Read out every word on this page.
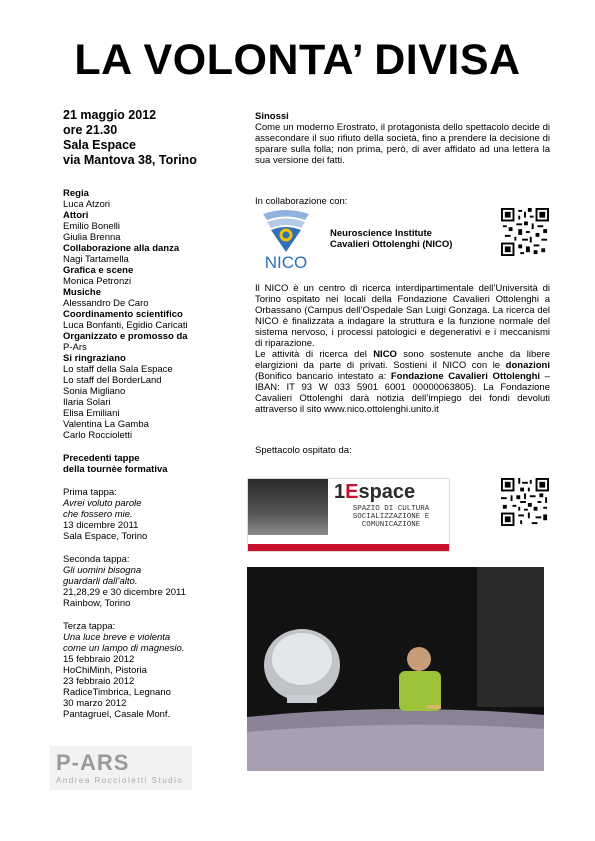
LA VOLONTA’ DIVISA
21 maggio 2012
ore 21.30
Sala Espace
via Mantova 38, Torino
Regia
Luca Atzori
Attori
Emilio Bonelli
Giulia Brenna
Collaborazione alla danza
Nagi Tartamella
Grafica e scene
Monica Petronzi
Musiche
Alessandro De Caro
Coordinamento scientifico
Luca Bonfanti, Egidio Caricati
Organizzato e promosso da
P-Ars
Si ringraziano
Lo staff della Sala Espace
Lo staff del BorderLand
Sonia Migliano
Ilaria Solari
Elisa Emiliani
Valentina La Gamba
Carlo Roccioletti
Precedenti tappe
della tournèe formativa
Prima tappa:
Avrei voluto parole
che fossero mie.
13 dicembre 2011
Sala Espace, Torino
Seconda tappa:
Gli uomini bisogna
guardarli dall’alto.
21,28,29 e 30 dicembre 2011
Rainbow, Torino
Terza tappa:
Una luce breve e violenta
come un lampo di magnesio.
15 febbraio 2012
HoChiMinh, Pistoria
23 febbraio 2012
RadiceTimbrica, Legnano
30 marzo 2012
Pantagruel, Casale Monf.
P-ARS
Andrea Roccioletti Studio
Sinossi
Come un moderno Erostrato, il protagonista dello spettacolo decide di assecondare il suo rifiuto della società, fino a prendere la decisione di sparare sulla folla; non prima, però, di aver affidato ad una lettera la sua versione dei fatti.
In collaborazione con:
NICO
Neuroscience Institute
Cavalieri Ottolenghi (NICO)
Il NICO è un centro di ricerca interdipartimentale dell’Università di Torino ospitato nei locali della Fondazione Cavalieri Ottolenghi a Orbassano (Campus dell’Ospedale San Luigi Gonzaga. La ricerca del NICO è finalizzata a indagare la struttura e la funzione normale del sistema nervoso, i processi patologici e degenerativi e i meccanismi di riparazione.
Le attività di ricerca del NICO sono sostenute anche da libere elargizioni da parte di privati. Sostieni il NICO con le donazioni (Bonifico bancario intestato a: Fondazione Cavalieri Ottolenghi – IBAN: IT 93 W 033 5901 6001 00000063805). La Fondazione Cavalieri Ottolenghi darà notizia dell’impiego dei fondi devoluti attraverso il sito www.nico.ottolenghi.unito.it
Spettacolo ospitato da:
1Espace
SPAZIO DI CULTURA
SOCIALIZZAZIONE E
COMUNICAZIONE
